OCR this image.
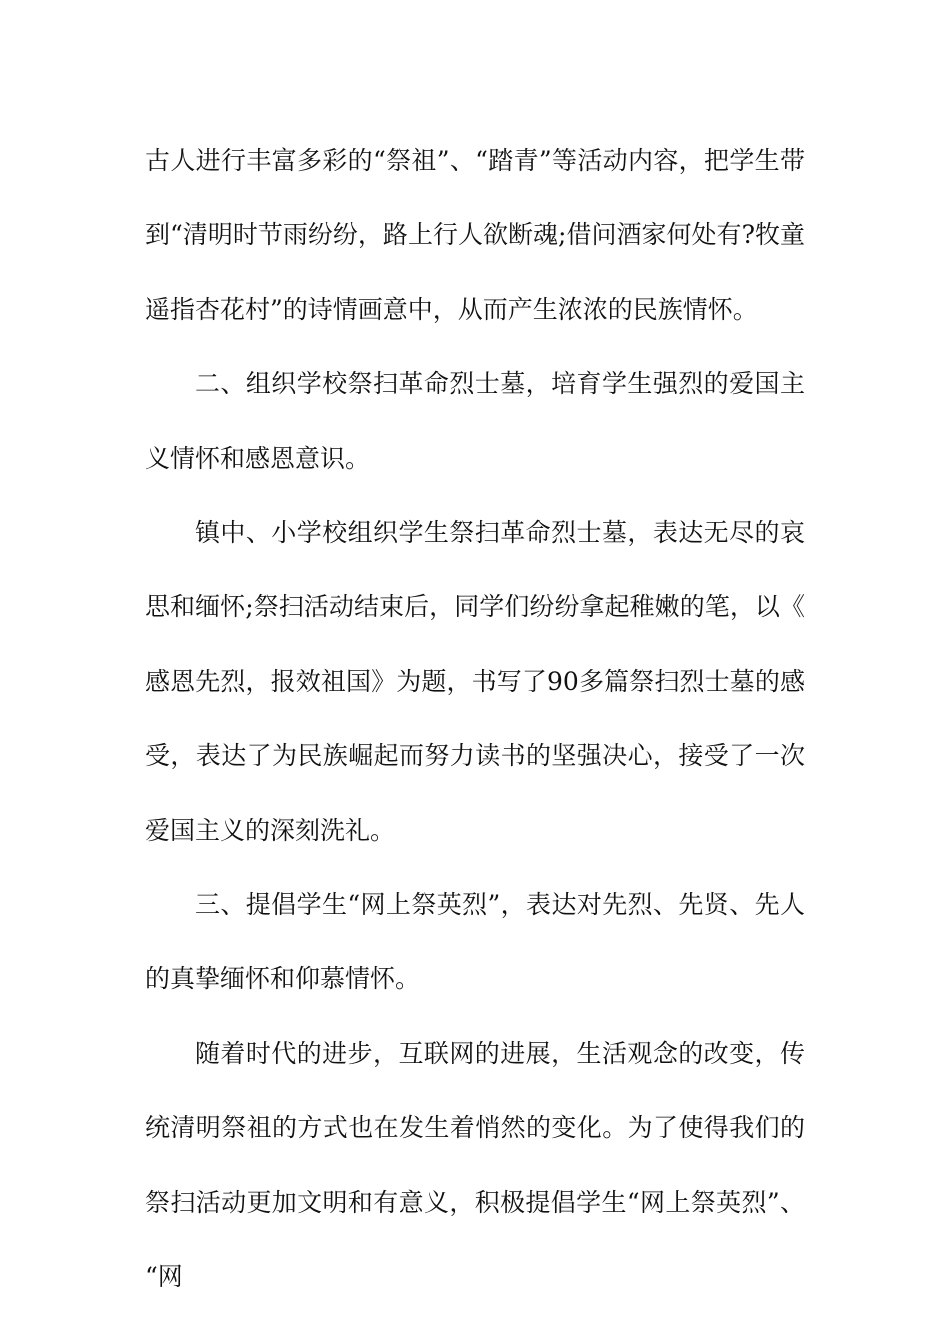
古人进行丰富多彩的“祭祖”、“踏青”等活动内容，把学生带到“清明时节雨纷纷，路上行人欲断魂;借问酒家何处有?牧童遥指杏花村”的诗情画意中，从而产生浓浓的民族情怀。

二、组织学校祭扫革命烈士墓，培育学生强烈的爱国主义情怀和感恩意识。

镇中、小学校组织学生祭扫革命烈士墓，表达无尽的哀思和缅怀;祭扫活动结束后，同学们纷纷拿起稚嫩的笔，以《感恩先烈，报效祖国》为题，书写了90多篇祭扫烈士墓的感受，表达了为民族崛起而努力读书的坚强决心，接受了一次爱国主义的深刻洗礼。

三、提倡学生“网上祭英烈”，表达对先烈、先贤、先人的真挚缅怀和仰慕情怀。

随着时代的进步，互联网的进展，生活观念的改变，传统清明祭祖的方式也在发生着悄然的变化。为了使得我们的祭扫活动更加文明和有意义，积极提倡学生“网上祭英烈”、“网
